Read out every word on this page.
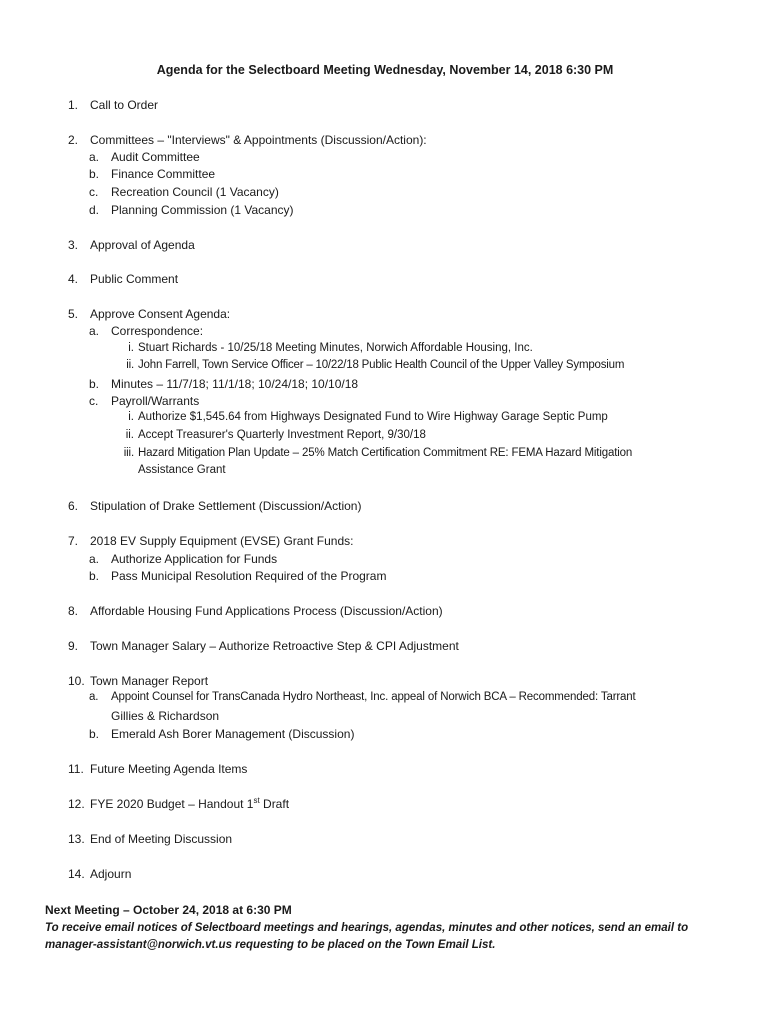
Agenda for the Selectboard Meeting Wednesday, November 14, 2018 6:30 PM
1. Call to Order
2. Committees – "Interviews" & Appointments (Discussion/Action):
a. Audit Committee
b. Finance Committee
c. Recreation Council (1 Vacancy)
d. Planning Commission (1 Vacancy)
3. Approval of Agenda
4. Public Comment
5. Approve Consent Agenda:
a. Correspondence:
i. Stuart Richards - 10/25/18 Meeting Minutes, Norwich Affordable Housing, Inc.
ii. John Farrell, Town Service Officer – 10/22/18 Public Health Council of the Upper Valley Symposium
b. Minutes – 11/7/18; 11/1/18; 10/24/18; 10/10/18
c. Payroll/Warrants
i. Authorize $1,545.64 from Highways Designated Fund to Wire Highway Garage Septic Pump
ii. Accept Treasurer's Quarterly Investment Report, 9/30/18
iii. Hazard Mitigation Plan Update – 25% Match Certification Commitment RE: FEMA Hazard Mitigation
Assistance Grant
6. Stipulation of Drake Settlement (Discussion/Action)
7. 2018 EV Supply Equipment (EVSE) Grant Funds:
a. Authorize Application for Funds
b. Pass Municipal Resolution Required of the Program
8. Affordable Housing Fund Applications Process (Discussion/Action)
9. Town Manager Salary – Authorize Retroactive Step & CPI Adjustment
10. Town Manager Report
a. Appoint Counsel for TransCanada Hydro Northeast, Inc. appeal of Norwich BCA – Recommended: Tarrant
Gillies & Richardson
b. Emerald Ash Borer Management (Discussion)
11. Future Meeting Agenda Items
12. FYE 2020 Budget – Handout 1st Draft
13. End of Meeting Discussion
14. Adjourn
Next Meeting – October 24, 2018 at 6:30 PM
To receive email notices of Selectboard meetings and hearings, agendas, minutes and other notices, send an email to manager-assistant@norwich.vt.us requesting to be placed on the Town Email List.
